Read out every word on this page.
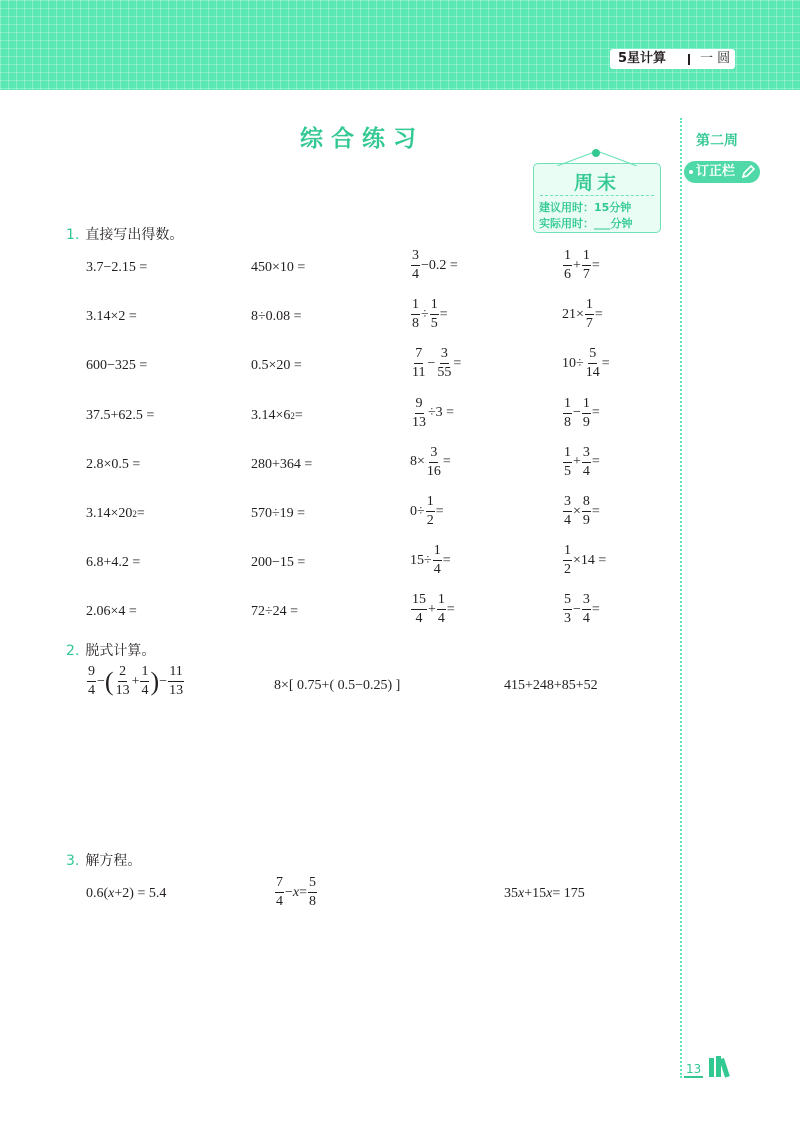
5星计算	一 圆
第二周
订正栏
13
综合练习
周末
建议用时：15分钟
实际用时：___分钟
1. 直接写出得数。
3.7−2.15 =	450×10 =	$\frac{3}{4} -0.2$ =	$\frac{1}{6} + \frac{1}{7}$ =
3.14×2 =	8÷0.08 =	$\frac{1}{8} \div \frac{1}{5}$ =	$21\times \frac{1}{7}$ =
600−325 =	0.5×20 =	$\frac{7}{11} - \frac{3}{55}$ =	$10\div \frac{5}{14}$ =
37.5+62.5 =	3.14×6 2 =	$\frac{9}{13} \div 3$ =	$\frac{1}{8} - \frac{1}{9}$ =
2.8×0.5 =	280+364 =	$8\times \frac{3}{16}$ =	$\frac{1}{5} + \frac{3}{4}$ =
3.14×20 2 =	570÷19 =	$0\div \frac{1}{2}$ =	$\frac{3}{4} \times \frac{8}{9}$ =
6.8+4.2 =	200−15 =	$15\div \frac{1}{4}$ =	$\frac{1}{2} \times 14$ =
2.06×4 =	72÷24 =	$\frac{15}{4} + \frac{1}{4}$ =	$\frac{5}{3} - \frac{3}{4}$ =
2. 脱式计算。
$\frac{9}{4}$ − ( $\frac{2}{13} + \frac{1}{4}$ ) − $\frac{11}{13}$	8×[ 0.75+( 0.5−0.25) ]	415+248+85+52
3. 解方程。
0.6( x +2) = 5.4	$\frac{7}{4} - x = \frac{5}{8}$	35 x +15 x = 175
